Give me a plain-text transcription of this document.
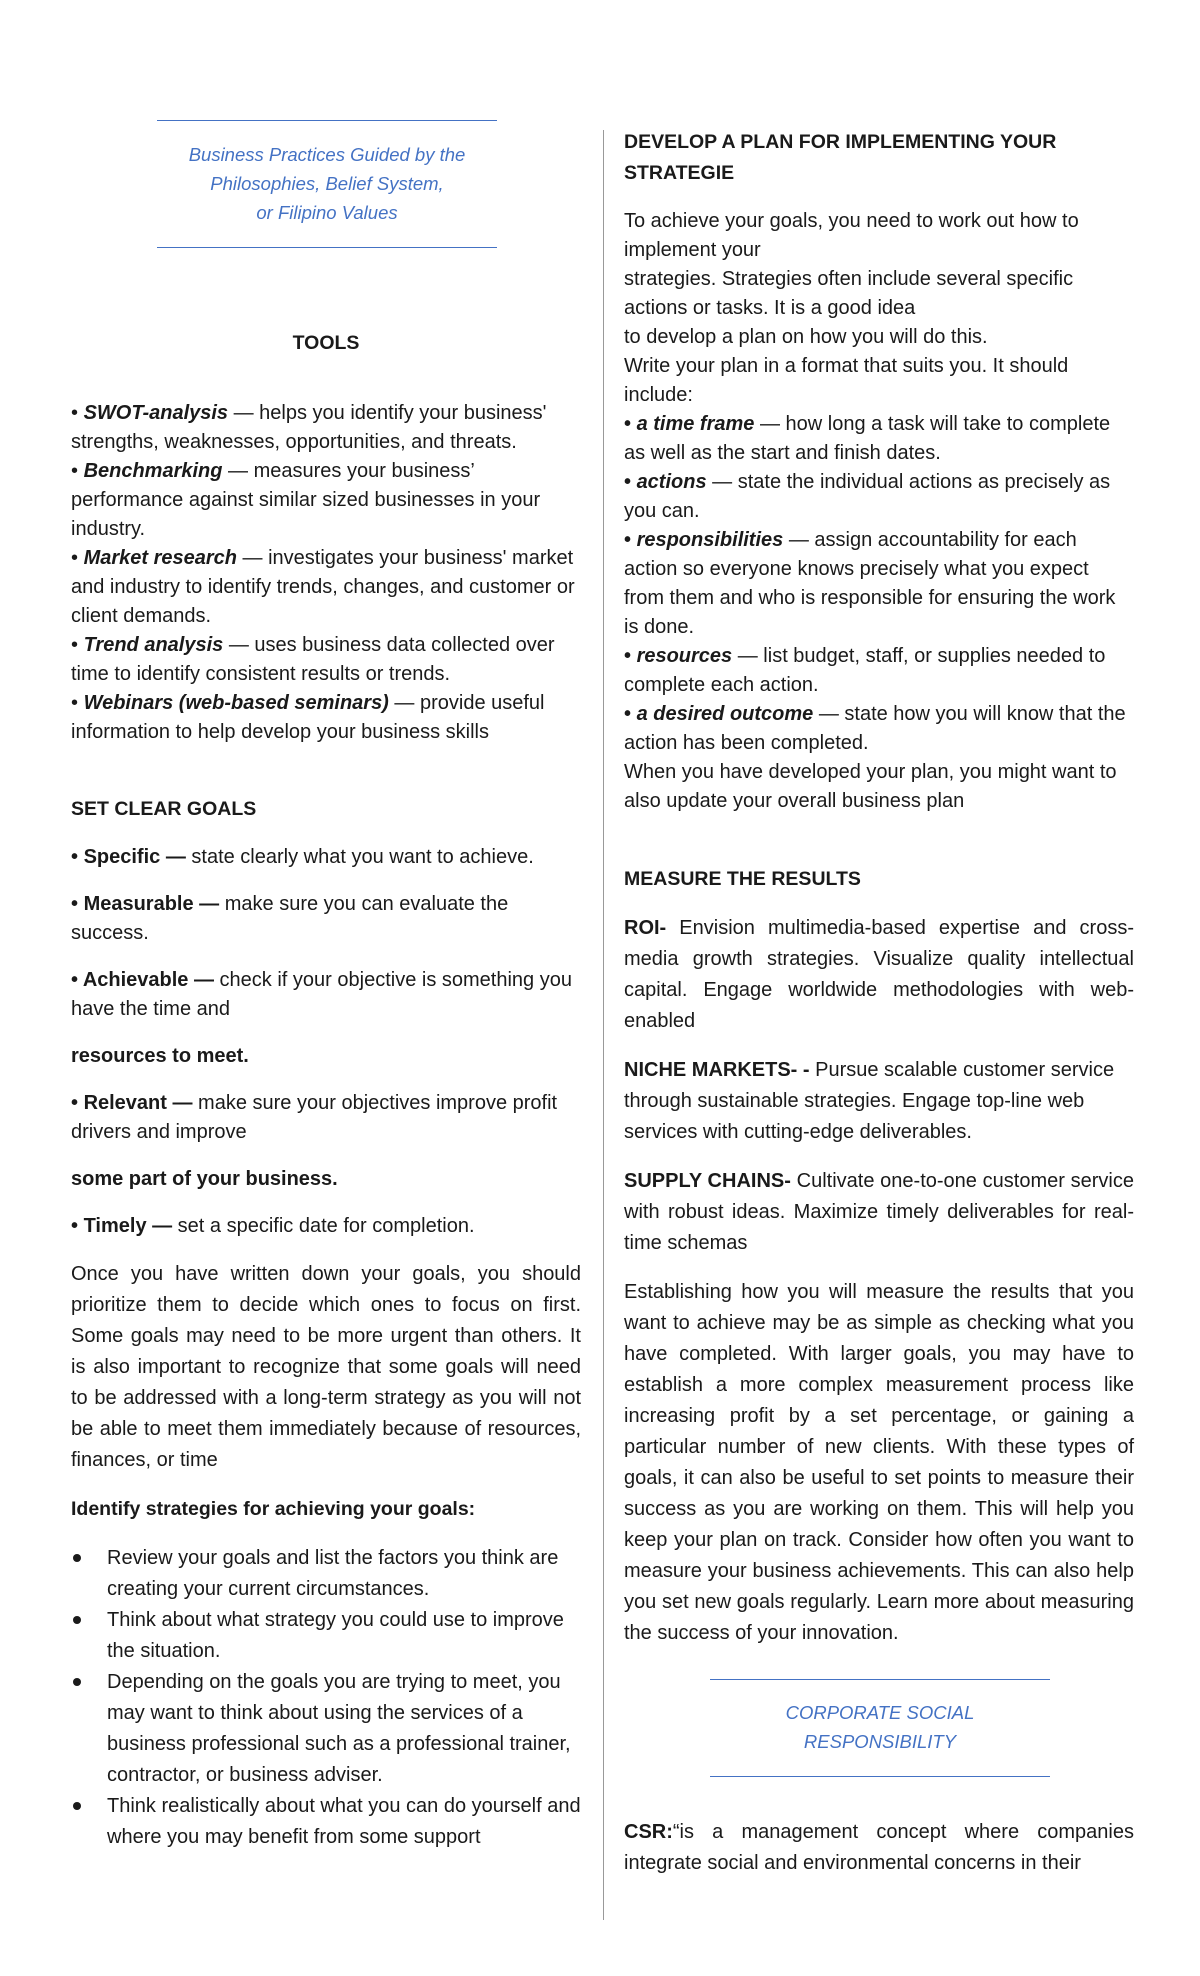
Business Practices Guided by the
Philosophies, Belief System,
or Filipino Values

TOOLS

• SWOT-analysis — helps you identify your business' strengths, weaknesses, opportunities, and threats.

• Benchmarking — measures your business’ performance against similar sized businesses in your industry.

• Market research — investigates your business' market and industry to identify trends, changes, and customer or client demands.

• Trend analysis — uses business data collected over time to identify consistent results or trends.

• Webinars (web-based seminars) — provide useful information to help develop your business skills

SET CLEAR GOALS

• Specific — state clearly what you want to achieve.

• Measurable — make sure you can evaluate the success.

• Achievable — check if your objective is something you have the time and

resources to meet.

• Relevant — make sure your objectives improve profit drivers and improve

some part of your business.

• Timely — set a specific date for completion.

Once you have written down your goals, you should prioritize them to decide which ones to focus on first. Some goals may need to be more urgent than others. It is also important to recognize that some goals will need to be addressed with a long-term strategy as you will not be able to meet them immediately because of resources, finances, or time

Identify strategies for achieving your goals:

Review your goals and list the factors you think are creating your current circumstances.
Think about what strategy you could use to improve the situation.
Depending on the goals you are trying to meet, you may want to think about using the services of a business professional such as a professional trainer, contractor, or business adviser.
Think realistically about what you can do yourself and where you may benefit from some support

DEVELOP A PLAN FOR IMPLEMENTING YOUR
STRATEGIE

To achieve your goals, you need to work out how to implement your
strategies. Strategies often include several specific actions or tasks. It is a good idea
to develop a plan on how you will do this.
Write your plan in a format that suits you. It should include:

• a time frame — how long a task will take to complete as well as the start and finish dates.

• actions — state the individual actions as precisely as you can.

• responsibilities — assign accountability for each action so everyone knows precisely what you expect from them and who is responsible for ensuring the work is done.

• resources — list budget, staff, or supplies needed to complete each action.

• a desired outcome — state how you will know that the action has been completed.

When you have developed your plan, you might want to also update your overall business plan

MEASURE THE RESULTS

ROI- Envision multimedia-based expertise and cross-media growth strategies. Visualize quality intellectual capital. Engage worldwide methodologies with web-enabled

NICHE MARKETS- - Pursue scalable customer service through sustainable strategies. Engage top-line web services with cutting-edge deliverables.

SUPPLY CHAINS- Cultivate one-to-one customer service with robust ideas. Maximize timely deliverables for real-time schemas

Establishing how you will measure the results that you want to achieve may be as simple as checking what you have completed. With larger goals, you may have to establish a more complex measurement process like increasing profit by a set percentage, or gaining a particular number of new clients. With these types of goals, it can also be useful to set points to measure their success as you are working on them. This will help you keep your plan on track. Consider how often you want to measure your business achievements. This can also help you set new goals regularly. Learn more about measuring the success of your innovation.

CORPORATE SOCIAL RESPONSIBILITY

CSR:“is a management concept where companies integrate social and environmental concerns in their
